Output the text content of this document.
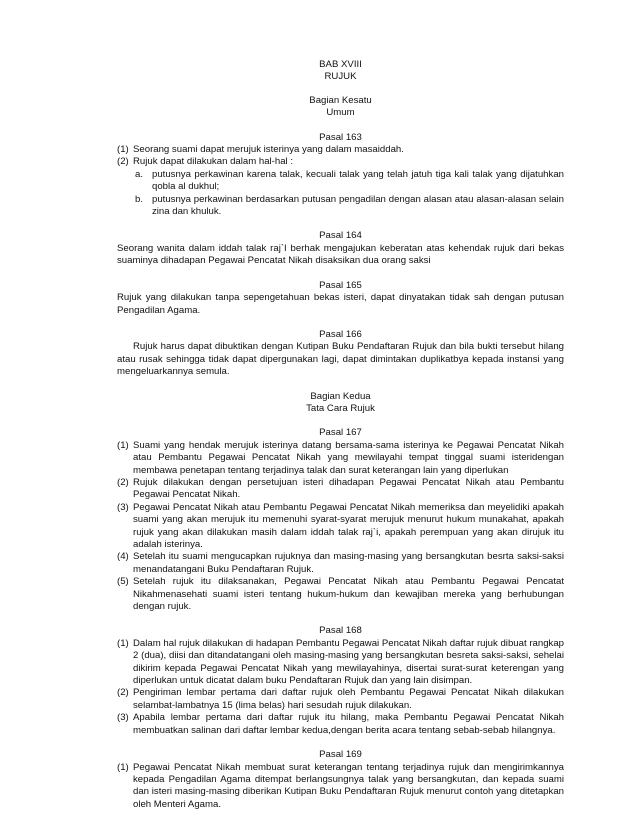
BAB XVIII

RUJUK

Bagian Kesatu

Umum

Pasal 163

(1) Seorang suami dapat merujuk isterinya yang dalam masaiddah.
(2) Rujuk dapat dilakukan dalam hal-hal :
a. putusnya perkawinan karena talak, kecuali talak yang telah jatuh tiga kali talak yang dijatuhkan qobla al dukhul;
b. putusnya perkawinan berdasarkan putusan pengadilan dengan alasan atau alasan-alasan selain zina dan khuluk.

Pasal 164

Seorang wanita dalam iddah talak raj`I berhak mengajukan keberatan atas kehendak rujuk dari bekas suaminya dihadapan Pegawai Pencatat Nikah disaksikan dua orang saksi

Pasal 165

Rujuk yang dilakukan tanpa sepengetahuan bekas isteri, dapat dinyatakan tidak sah dengan putusan Pengadilan Agama.

Pasal 166

Rujuk harus dapat dibuktikan dengan Kutipan Buku Pendaftaran Rujuk dan bila bukti tersebut hilang atau rusak sehingga tidak dapat dipergunakan lagi, dapat dimintakan duplikatbya kepada instansi yang mengeluarkannya semula.

Bagian Kedua

Tata Cara Rujuk

Pasal 167

(1) Suami yang hendak merujuk isterinya datang bersama-sama isterinya ke Pegawai Pencatat Nikah atau Pembantu Pegawai Pencatat Nikah yang mewilayahi tempat tinggal suami isteridengan membawa penetapan tentang terjadinya talak dan surat keterangan lain yang diperlukan
(2) Rujuk dilakukan dengan persetujuan isteri dihadapan Pegawai Pencatat Nikah atau Pembantu Pegawai Pencatat Nikah.
(3) Pegawai Pencatat Nikah atau Pembantu Pegawai Pencatat Nikah memeriksa dan meyelidiki apakah suami yang akan merujuk itu memenuhi syarat-syarat merujuk menurut hukum munakahat, apakah rujuk yang akan dilakukan masih dalam iddah talak raj`i, apakah perempuan yang akan dirujuk itu adalah isterinya.
(4) Setelah itu suami mengucapkan rujuknya dan masing-masing yang bersangkutan besrta saksi-saksi menandatangani Buku Pendaftaran Rujuk.
(5) Setelah rujuk itu dilaksanakan, Pegawai Pencatat Nikah atau Pembantu Pegawai Pencatat Nikahmenasehati suami isteri tentang hukum-hukum dan kewajiban mereka yang berhubungan dengan rujuk.

Pasal 168

(1) Dalam hal rujuk dilakukan di hadapan Pembantu Pegawai Pencatat Nikah daftar rujuk dibuat rangkap 2 (dua), diisi dan ditandatangani oleh masing-masing yang bersangkutan besreta saksi-saksi, sehelai dikirim kepada Pegawai Pencatat Nikah yang mewilayahinya, disertai surat-surat keterengan yang diperlukan untuk dicatat dalam buku Pendaftaran Rujuk dan yang lain disimpan.
(2) Pengiriman lembar pertama dari daftar rujuk oleh Pembantu Pegawai Pencatat Nikah dilakukan selambat-lambatnya 15 (lima belas) hari sesudah rujuk dilakukan.
(3) Apabila lembar pertama dari daftar rujuk itu hilang, maka Pembantu Pegawai Pencatat Nikah membuatkan salinan dari daftar lembar kedua,dengan berita acara tentang sebab-sebab hilangnya.

Pasal 169

(1) Pegawai Pencatat Nikah membuat surat keterangan tentang terjadinya rujuk dan mengirimkannya kepada Pengadilan Agama ditempat berlangsungnya talak yang bersangkutan, dan kepada suami dan isteri masing-masing diberikan Kutipan Buku Pendaftaran Rujuk menurut contoh yang ditetapkan oleh Menteri Agama.
